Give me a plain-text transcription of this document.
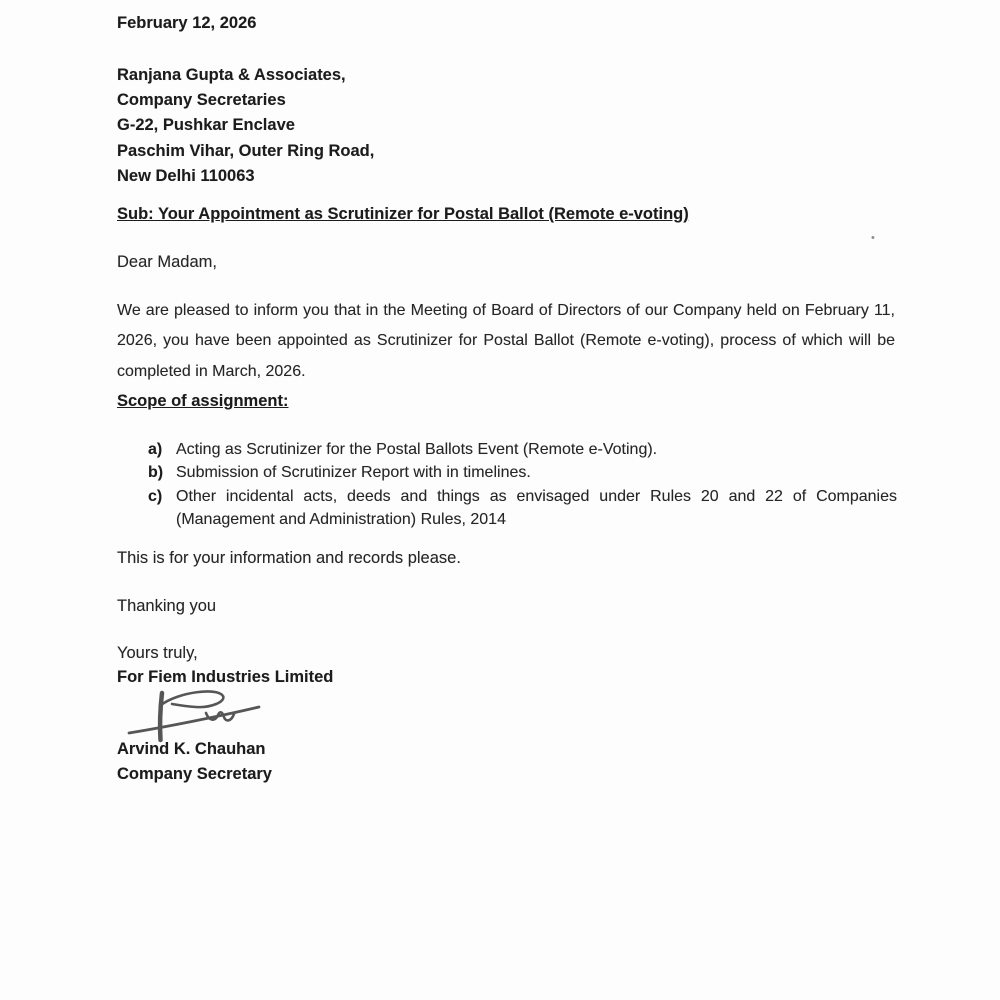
February 12, 2026

Ranjana Gupta & Associates,

Company Secretaries

G-22, Pushkar Enclave

Paschim Vihar, Outer Ring Road,

New Delhi 110063

Sub: Your Appointment as Scrutinizer for Postal Ballot (Remote e-voting)

Dear Madam,

We are pleased to inform you that in the Meeting of Board of Directors of our Company held on February 11, 2026, you have been appointed as Scrutinizer for Postal Ballot (Remote e-voting), process of which will be completed in March, 2026.

Scope of assignment:

a) Acting as Scrutinizer for the Postal Ballots Event (Remote e-Voting).
b) Submission of Scrutinizer Report with in timelines.
c) Other incidental acts, deeds and things as envisaged under Rules 20 and 22 of Companies (Management and Administration) Rules, 2014

This is for your information and records please.

Thanking you

Yours truly,

For Fiem Industries Limited

Arvind K. Chauhan

Company Secretary

•
